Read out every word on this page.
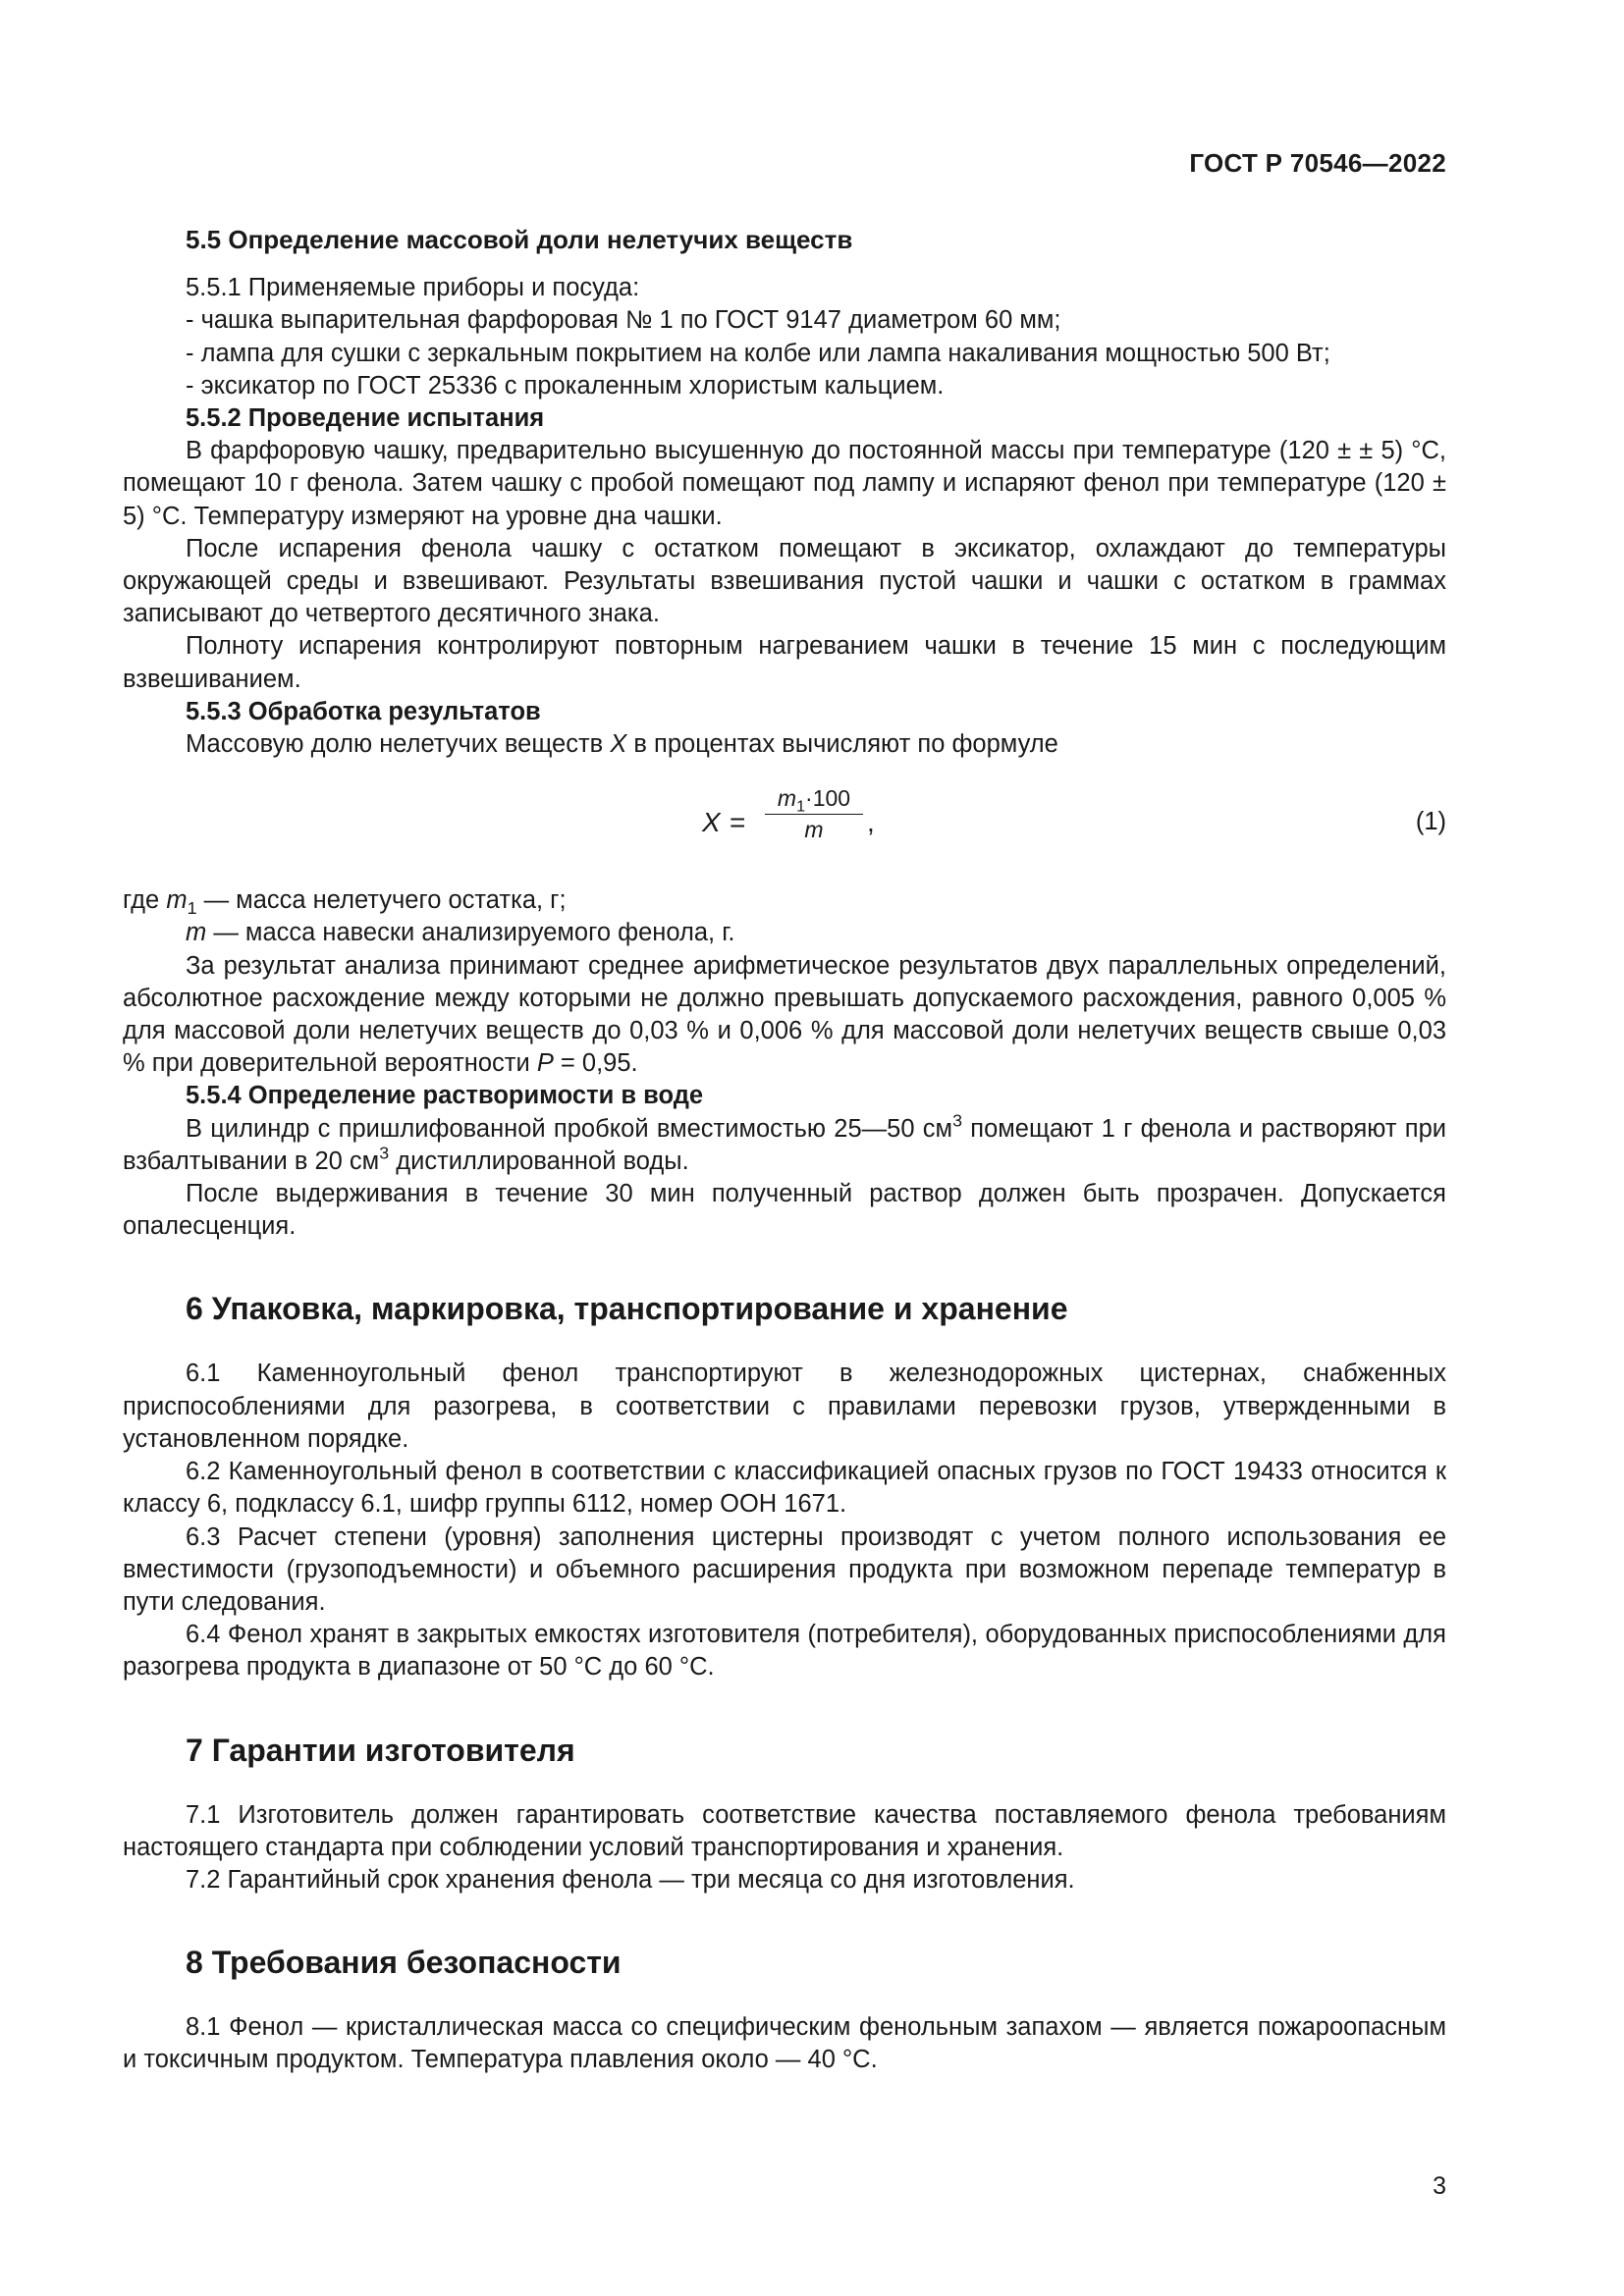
ГОСТ Р 70546—2022

5.5 Определение массовой доли нелетучих веществ

5.5.1 Применяемые приборы и посуда:

- чашка выпарительная фарфоровая № 1 по ГОСТ 9147 диаметром 60 мм;

- лампа для сушки с зеркальным покрытием на колбе или лампа накаливания мощностью 500 Вт;

- эксикатор по ГОСТ 25336 с прокаленным хлористым кальцием.

5.5.2 Проведение испытания

В фарфоровую чашку, предварительно высушенную до постоянной массы при температуре (120 ± ± 5) °С, помещают 10 г фенола. Затем чашку с пробой помещают под лампу и испаряют фенол при температуре (120 ± 5) °С. Температуру измеряют на уровне дна чашки.

После испарения фенола чашку с остатком помещают в эксикатор, охлаждают до температуры окружающей среды и взвешивают. Результаты взвешивания пустой чашки и чашки с остатком в граммах записывают до четвертого десятичного знака.

Полноту испарения контролируют повторным нагреванием чашки в течение 15 мин с последующим взвешиванием.

5.5.3 Обработка результатов

Массовую долю нелетучих веществ X в процентах вычисляют по формуле

$X = \frac{m_1\cdot 100}{m}$ ,	(1)

где $m_1$ — масса нелетучего остатка, г;

m — масса навески анализируемого фенола, г.

За результат анализа принимают среднее арифметическое результатов двух параллельных определений, абсолютное расхождение между которыми не должно превышать допускаемого расхождения, равного 0,005 % для массовой доли нелетучих веществ до 0,03 % и 0,006 % для массовой доли нелетучих веществ свыше 0,03 % при доверительной вероятности P = 0,95.

5.5.4 Определение растворимости в воде

В цилиндр с пришлифованной пробкой вместимостью 25—50 $см^3$ помещают 1 г фенола и растворяют при взбалтывании в 20 $см^3$ дистиллированной воды.

После выдерживания в течение 30 мин полученный раствор должен быть прозрачен. Допускается опалесценция.

6 Упаковка, маркировка, транспортирование и хранение

6.1 Каменноугольный фенол транспортируют в железнодорожных цистернах, снабженных приспособлениями для разогрева, в соответствии с правилами перевозки грузов, утвержденными в установленном порядке.

6.2 Каменноугольный фенол в соответствии с классификацией опасных грузов по ГОСТ 19433 относится к классу 6, подклассу 6.1, шифр группы 6112, номер ООН 1671.

6.3 Расчет степени (уровня) заполнения цистерны производят с учетом полного использования ее вместимости (грузоподъемности) и объемного расширения продукта при возможном перепаде температур в пути следования.

6.4 Фенол хранят в закрытых емкостях изготовителя (потребителя), оборудованных приспособлениями для разогрева продукта в диапазоне от 50 °С до 60 °С.

7 Гарантии изготовителя

7.1 Изготовитель должен гарантировать соответствие качества поставляемого фенола требованиям настоящего стандарта при соблюдении условий транспортирования и хранения.

7.2 Гарантийный срок хранения фенола — три месяца со дня изготовления.

8 Требования безопасности

8.1 Фенол — кристаллическая масса со специфическим фенольным запахом — является пожароопасным и токсичным продуктом. Температура плавления около — 40 °С.

3
